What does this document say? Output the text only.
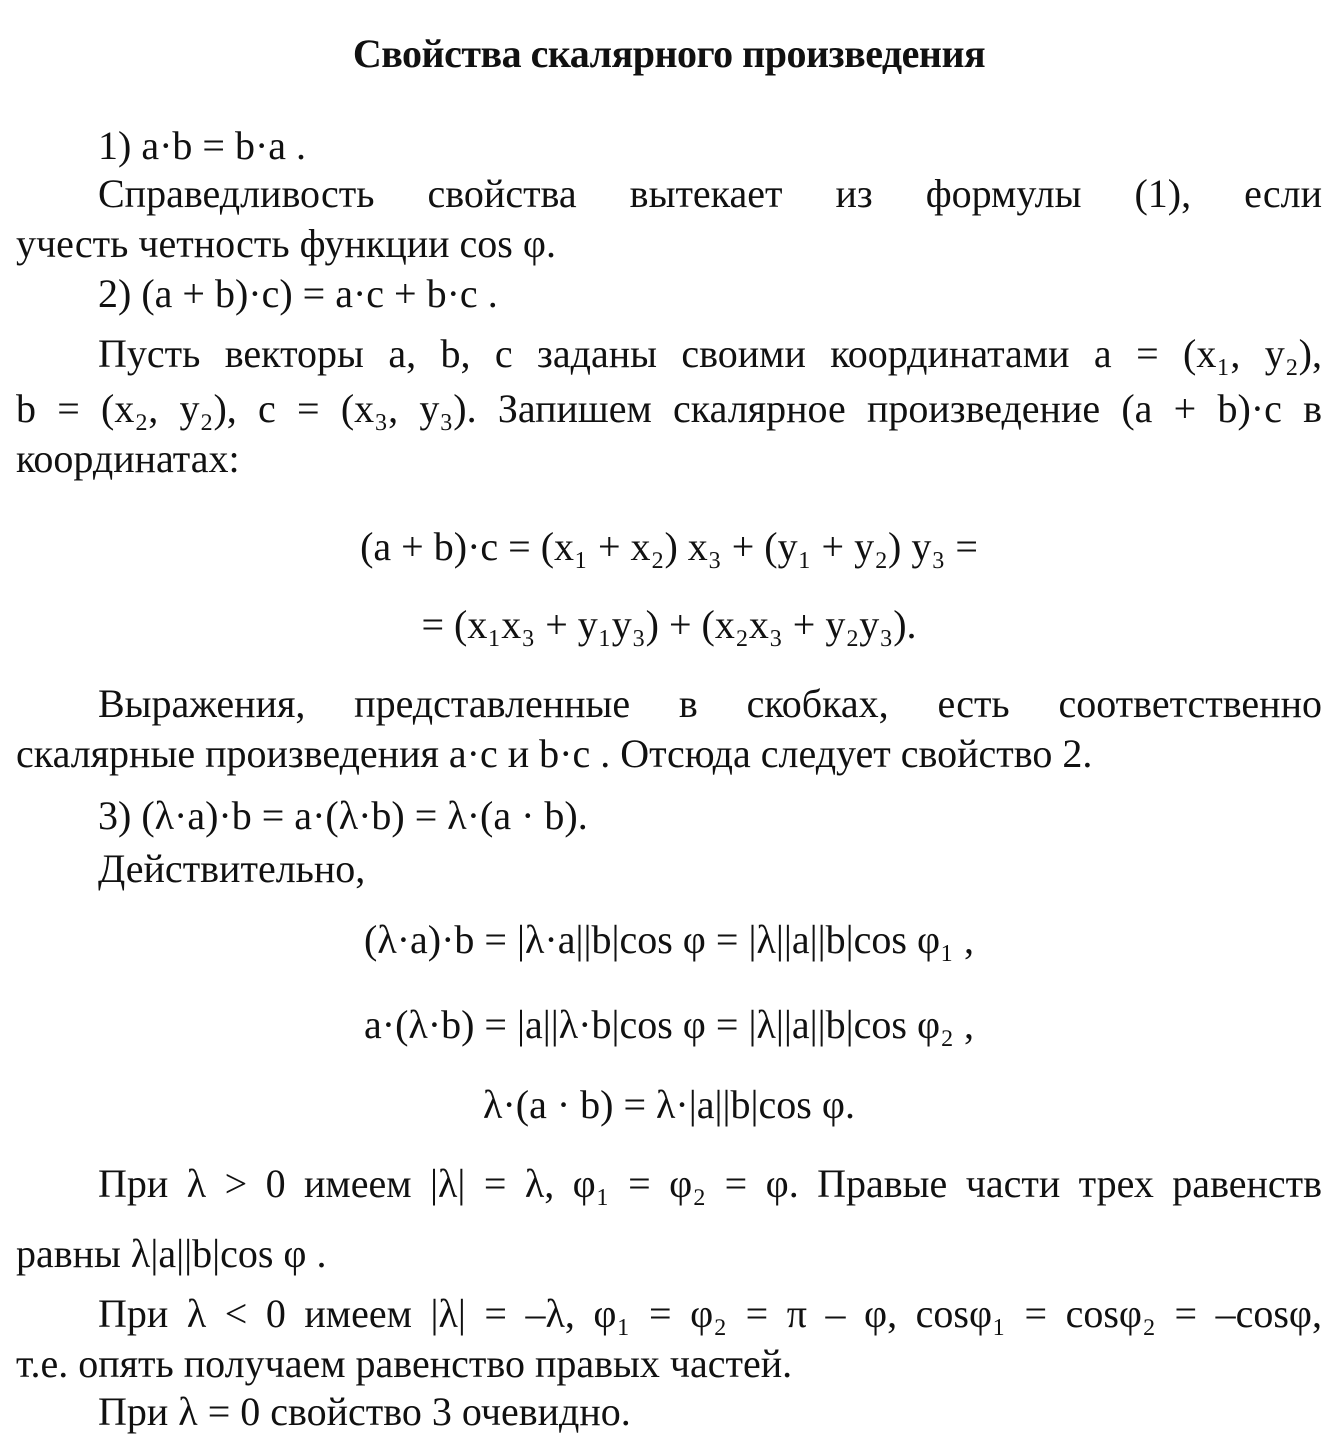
Свойства скалярного произведения
1) a·b = b·a .
Справедливость свойства вытекает из формулы (1), если
учесть четность функции cos φ.
2) (a + b)·c) = a·c + b·c .
Пусть векторы a, b, c заданы своими координатами a = (x₁, y₂),
b = (x₂, y₂), c = (x₃, y₃). Запишем скалярное произведение (a + b)·c в
координатах:
(a + b)·c = (x₁ + x₂) x₃ + (y₁ + y₂) y₃ =
= (x₁x₃ + y₁y₃) + (x₂x₃ + y₂y₃).
Выражения, представленные в скобках, есть соответственно
скалярные произведения a·c и b·c . Отсюда следует свойство 2.
3) (λ·a)·b = a·(λ·b) = λ·(a · b).
Действительно,
(λ·a)·b = |λ·a||b|cos φ = |λ||a||b|cos φ₁ ,
a·(λ·b) = |a||λ·b|cos φ = |λ||a||b|cos φ₂ ,
λ·(a · b) = λ·|a||b|cos φ.
При λ > 0 имеем |λ| = λ, φ₁ = φ₂ = φ. Правые части трех равенств
равны λ|a||b|cos φ .
При λ < 0 имеем |λ| = –λ, φ₁ = φ₂ = π – φ, cosφ₁ = cosφ₂ = –cosφ,
т.е. опять получаем равенство правых частей.
При λ = 0 свойство 3 очевидно.
